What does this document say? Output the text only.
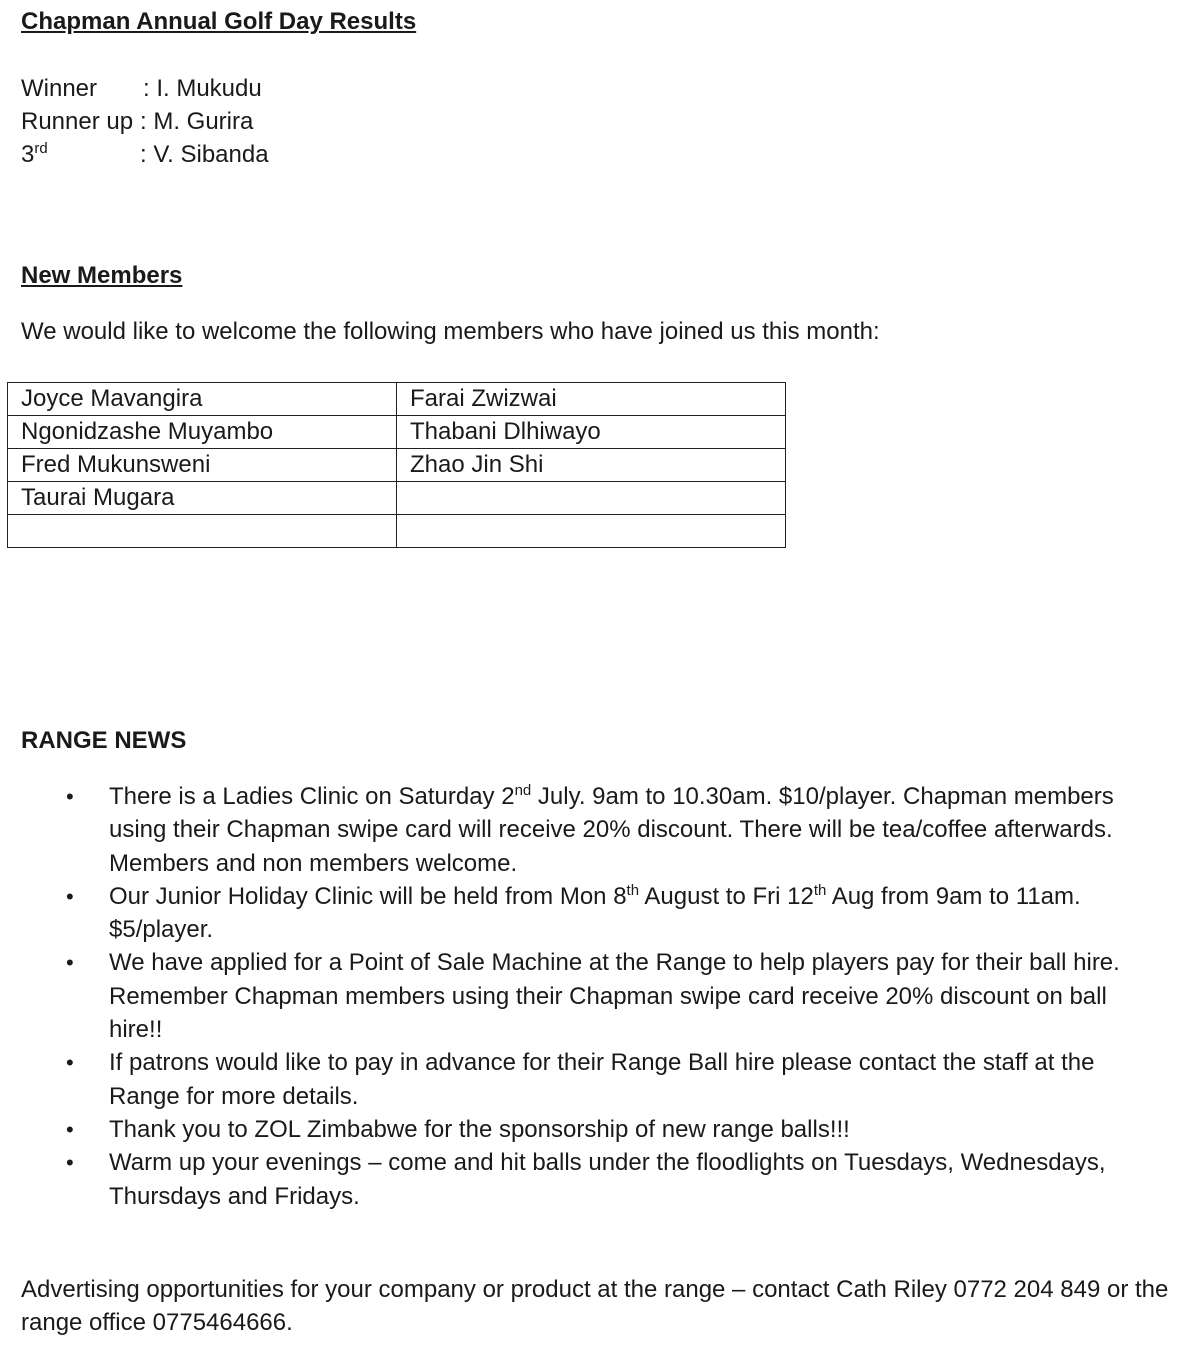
Chapman Annual Golf Day Results
Winner : I. Mukudu
Runner up : M. Gurira
3rd	: V. Sibanda
New Members
We would like to welcome the following members who have joined us this month:
Joyce Mavangira	Farai Zwizwai
Ngonidzashe Muyambo	Thabani Dlhiwayo
Fred Mukunsweni	Zhao Jin Shi
Taurai Mugara	

RANGE NEWS
• There is a Ladies Clinic on Saturday 2nd July. 9am to 10.30am. $10/player. Chapman members using their Chapman swipe card will receive 20% discount. There will be tea/coffee afterwards. Members and non members welcome.
• Our Junior Holiday Clinic will be held from Mon 8th August to Fri 12th Aug from 9am to 11am. $5/player.
• We have applied for a Point of Sale Machine at the Range to help players pay for their ball hire. Remember Chapman members using their Chapman swipe card receive 20% discount on ball hire!!
• If patrons would like to pay in advance for their Range Ball hire please contact the staff at the Range for more details.
• Thank you to ZOL Zimbabwe for the sponsorship of new range balls!!!
• Warm up your evenings – come and hit balls under the floodlights on Tuesdays, Wednesdays, Thursdays and Fridays.
Advertising opportunities for your company or product at the range – contact Cath Riley 0772 204 849 or the range office 0775464666.
